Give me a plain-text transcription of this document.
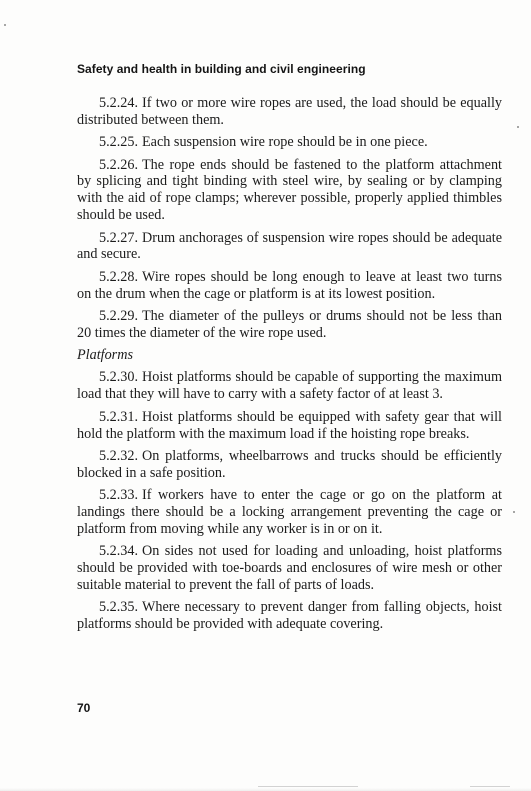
Safety and health in building and civil engineering

5.2.24. If two or more wire ropes are used, the load should be equally distributed between them.

5.2.25. Each suspension wire rope should be in one piece.

5.2.26. The rope ends should be fastened to the platform attachment by splicing and tight binding with steel wire, by sealing or by clamping with the aid of rope clamps; wherever possible, properly applied thimbles should be used.

5.2.27. Drum anchorages of suspension wire ropes should be adequate and secure.

5.2.28. Wire ropes should be long enough to leave at least two turns on the drum when the cage or platform is at its lowest position.

5.2.29. The diameter of the pulleys or drums should not be less than 20 times the diameter of the wire rope used.

Platforms

5.2.30. Hoist platforms should be capable of supporting the maximum load that they will have to carry with a safety factor of at least 3.

5.2.31. Hoist platforms should be equipped with safety gear that will hold the platform with the maximum load if the hoisting rope breaks.

5.2.32. On platforms, wheelbarrows and trucks should be efficiently blocked in a safe position.

5.2.33. If workers have to enter the cage or go on the platform at landings there should be a locking arrangement preventing the cage or platform from moving while any worker is in or on it.

5.2.34. On sides not used for loading and unloading, hoist platforms should be provided with toe-boards and enclosures of wire mesh or other suitable material to prevent the fall of parts of loads.

5.2.35. Where necessary to prevent danger from falling objects, hoist platforms should be provided with adequate covering.

70
